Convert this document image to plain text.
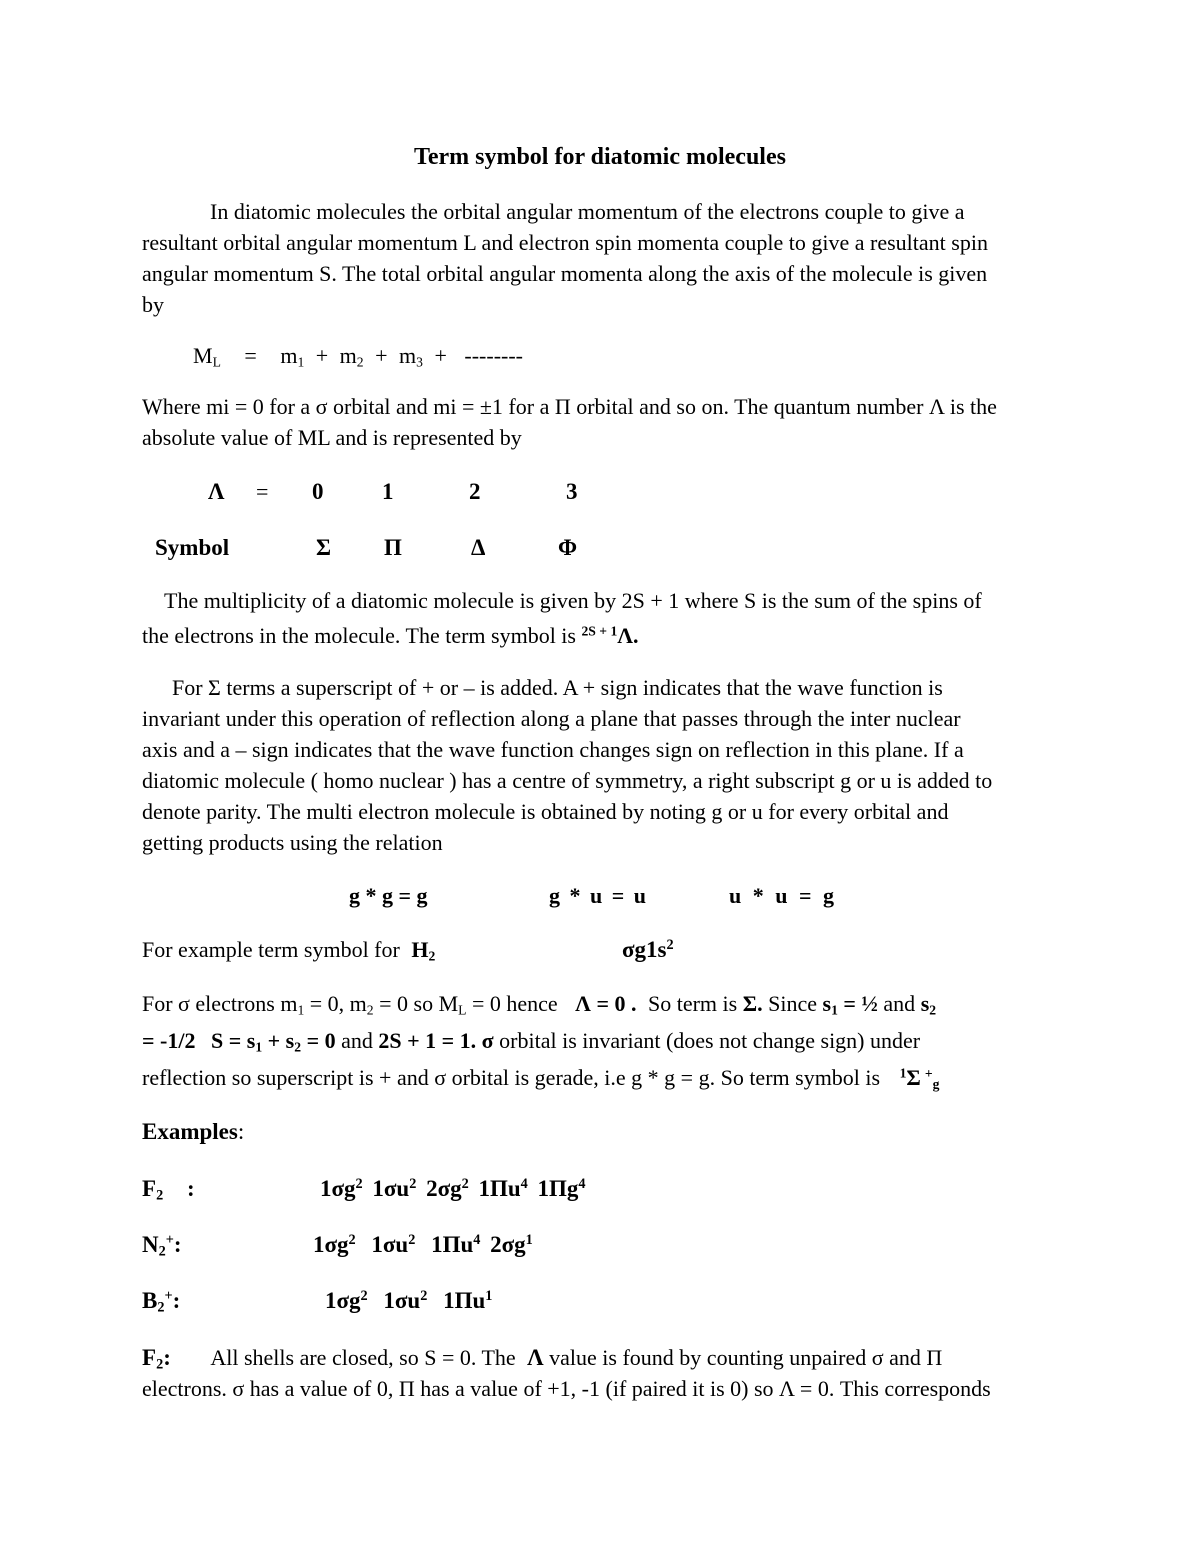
Term symbol for diatomic molecules
In diatomic molecules the orbital angular momentum of the electrons couple to give a
resultant orbital angular momentum L and electron spin momenta couple to give a resultant spin
angular momentum S. The total orbital angular momenta along the axis of the molecule is given
by
$M_L = m_1 + m_2 + m_3$ + --------
Where mi = 0 for a σ orbital and mi = ±1 for a Π orbital and so on. The quantum number Λ is the
absolute value of ML and is represented by
Λ = 0	1	2	3
Symbol	Σ Π	Δ	Φ
The multiplicity of a diatomic molecule is given by 2S + 1 where S is the sum of the spins of
the electrons in the molecule. The term symbol is $^{2S + 1}$Λ.
For Σ terms a superscript of + or – is added. A + sign indicates that the wave function is
invariant under this operation of reflection along a plane that passes through the inter nuclear
axis and a – sign indicates that the wave function changes sign on reflection in this plane. If a
diatomic molecule ( homo nuclear ) has a centre of symmetry, a right subscript g or u is added to
denote parity. The multi electron molecule is obtained by noting g or u for every orbital and
getting products using the relation
g * g = g	g * u = u	u * u = g
For example term symbol for $H_2$	$\sigma g1s^2$
For σ electrons $m_1 = 0$, $m_2 = 0$ so $M_L = 0$ hence Λ = 0 . So term is Σ. Since $s_1$ = ½ and $s_2$
= -1/2 $S = s_1 + s_2 = 0$ and 2S + 1 = 1. σ orbital is invariant (does not change sign) under
reflection so superscript is + and σ orbital is gerade, i.e g * g = g. So term symbol is $^1$Σ +$_g$
Examples:
$F_2$ :	$1\sigma g^2$ $1\sigma u^2$ $2\sigma g^2$ $1\Pi u^4$ $1\Pi g^4$
$N_2^+$:	$1\sigma g^2$ $1\sigma u^2$ $1\Pi u^4$ $2\sigma g^1$
$B_2^+$:	$1\sigma g^2$ $1\sigma u^2$ $1\Pi u^1$
$F_2$: All shells are closed, so S = 0. The Λ value is found by counting unpaired σ and Π
electrons. σ has a value of 0, Π has a value of +1, -1 (if paired it is 0) so Λ = 0. This corresponds
